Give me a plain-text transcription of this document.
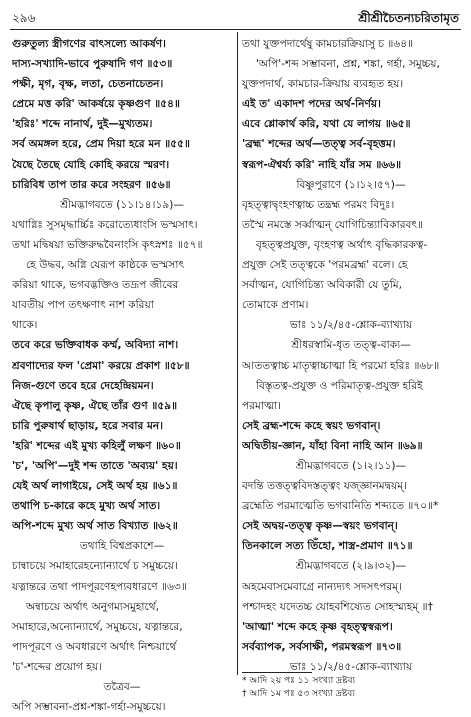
২৯৬	শ্রীশ্রীচৈতন্যচরিতামৃত
গুরুতুল্য স্ত্রীগণের বাৎসল্যে আকর্ষণ।
দাস্য-সখ্যাদি-ভাবে পুরুষাদি গণ ॥৫৩॥
পক্ষী, মৃগ, বৃক্ষ, লতা, চেতনাচেতন।
প্রেমে মত্ত করি' আকর্ষয়ে কৃষ্ণগুণ ॥৫৪॥
'হরিঃ' শব্দে নানার্থ, দুই—মুখ্যতম।
সর্ব অমঙ্গল হরে, প্রেম দিয়া হরে মন ॥৫৫॥
যৈছে তৈছে যোহি কোহি করয়ে স্মরণ।
চারিবিধ তাপ তার করে সংহরণ ॥৫৬॥
শ্রীমদ্ভাগবতে (১১।১৪।১৯)—
যথাগ্নিঃ সুসমৃদ্ধার্চ্চিঃ করোত্যেধাংসি ভস্মসাৎ।
তথা মদ্বিষয়া ভক্তিরুদ্ধবৈনাংসি কৃৎস্নশঃ ॥৫৭॥
হে উদ্ধব, অগ্নি যেরূপ কাষ্ঠকে ভস্মসাৎ
করিয়া থাকে, ভগবদ্ভক্তিও তদ্রূপ জীবের
যাবতীয় পাপ তৎক্ষণাৎ নাশ করিয়া
থাকে।
তবে করে ভক্তিবাধক কর্ম্ম, অবিদ্যা নাশ।
শ্রবণাদ্যের ফল 'প্রেমা' করয়ে প্রকাশ ॥৫৮॥
নিজ-গুণে তবে হরে দেহেন্দ্রিয়মন।
ঐছে কৃপালু কৃষ্ণ, ঐছে তাঁর গুণ ॥৫৯॥
চারি পুরুষার্থ ছাড়ায়, হরে সবার মন।
'হরি' শব্দের এই মুখ্য কহিলুঁ লক্ষণ ॥৬০॥
'চ', 'অপি'—দুই শব্দ তাতে 'অব্যয়' হয়।
যেই অর্থ লাগাইয়ে, সেই অর্থ হয় ॥৬১॥
তথাপি চ-কারে কহে মুখ্য অর্থ সাত।
অপি-শব্দে মুখ্য অর্থ সাত বিখ্যাত ॥৬২॥
তথাহি বিশ্বপ্রকাশে—
চান্বাচয়ে সমাহারেহন্যোন্যার্থে চ সমুচ্চয়ে।
যত্নান্তরে তথা পাদপূরণেহপ্যবধারণে ॥৬৩॥
অন্বাচয়ে অর্থাৎ অনুগম্যসমুহার্থে,
সমাহারে,অন্যোন্যার্থে, সমুচ্চয়ে, যত্নান্তরে,
পাদপূরণে ও অবধারণে অর্থাৎ নিশ্চয়ার্থে
'চ'-শব্দের প্রয়োগ হয়।
তত্রৈব—
অপি সম্ভাবনা-প্রশ্ন-শঙ্কা-গর্হা-সমুচ্চয়ে।
তথা যুক্তপদার্থেষু কামচারক্রিয়াসু চ ॥৬৪॥
'অপি'-শব্দ সম্ভাবনা, প্রশ্ন, শঙ্কা, গর্হা, সমুচ্চয়,
যুক্তপদার্থ, কামচার-ক্রিয়ায় ব্যবহৃত হয়।
এই ত' একাদশ পদের অর্থ-নির্ণয়।
এবে শ্লোকার্থ করি, যথা যে লাগয় ॥৬৫॥
'ব্রহ্ম' শব্দের অর্থ—তত্ত্ব সর্ব-বৃহত্তম।
স্বরূপ-ঐশ্বর্য্য করি' নাহি যাঁর সম ॥৬৬॥
বিষ্ণুপুরাণে (১।১২।৫৭)—
বৃহত্ত্বাদ্বৃংহণত্বাচ্চ তদ্ব্রহ্ম পরমং বিদুঃ।
তস্মৈ নমস্তে সর্ব্বাত্মন্ যোগিচিন্ত্যাবিকারবৎ॥
বৃহত্ত্বপ্রযুক্ত, বৃংহণত্ব অর্থাৎ বৃদ্ধিকারকত্ব-
প্রযুক্ত সেই তত্ত্বকে 'পরমব্রহ্ম' বলে। হে
সর্বাত্মন, যোগিচিন্ত্য অবিকারী যে তুমি,
তোমাকে প্রণাম।
ভাঃ ১১/২/৪৫-শ্লোক-ব্যাখ্যায়
শ্রীধরস্বামি-ধৃত তত্ত্ব-বাক্য—
আততত্বাচ্চ মাতৃত্বাচ্চাত্মা হি পরমো হরিঃ ॥৬৮॥
বিস্তৃতত্ব-প্রযুক্ত ও পরিমাতৃত্ব-প্রযুক্ত হরিই
পরমাত্মা।
সেই ব্রহ্ম-শব্দে কহে স্বয়ং ভগবান্।
অদ্বিতীয়-জ্ঞান, যাঁহা বিনা নাহি আন ॥৬৯॥
শ্রীমদ্ভাগবতে (১।২।১১)—
বদন্তি তত্তত্ত্ববিদস্তত্ত্বং যজ্জ্ঞানমদ্বয়ম্।
ব্রহ্মেতি পরমাত্মেতি ভগবানিতি শব্দ্যতে ॥৭০॥*
সেই অদ্বয়-তত্ত্ব কৃষ্ণ—স্বয়ং ভগবান্।
তিনকালে সত্য তিঁহো, শাস্ত্র-প্রমাণ ॥৭১॥
শ্রীমদ্ভাগবতে (২।৯।৩২)—
অহমেবাসমেবাগ্রে নান্যদ্যৎ সদসৎপরম্।
পশ্চাদহং যদেতচ্চ যোহবশিষ্যেত সোহস্ম্যহম্ ॥†
'আত্মা' শব্দে কহে কৃষ্ণ বৃহত্ত্বস্বরূপ।
সর্বব্যাপক, সর্বসাক্ষী, পরমস্বরূপ ॥৭৩॥
ভাঃ ১১/২/৪৫-শ্লোক-ব্যাখ্যায়
* আদি ২য় পঃ ১১ সংখ্যা দ্রষ্টব্য
† আদি ১ম পঃ ৫৩ সংখ্যা দ্রষ্টব্য
